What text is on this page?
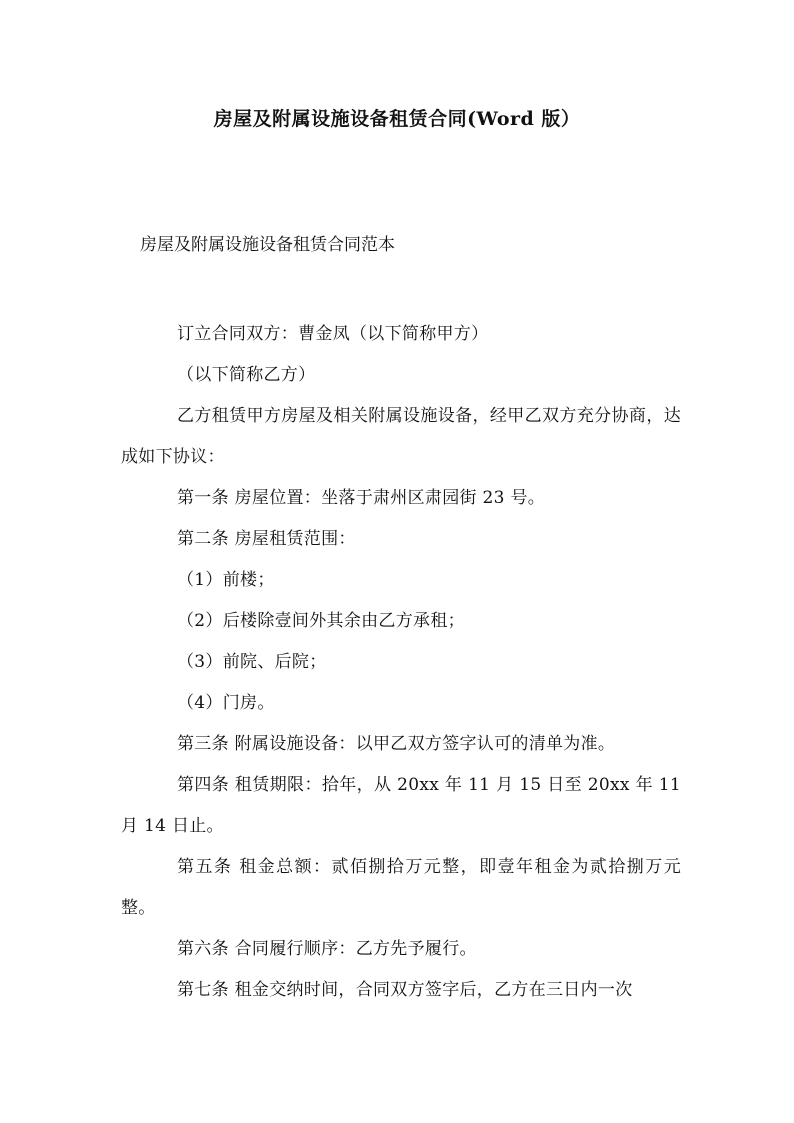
房屋及附属设施设备租赁合同(Word 版）
房屋及附属设施设备租赁合同范本

订立合同双方：曹金凤（以下简称甲方）

（以下简称乙方）

乙方租赁甲方房屋及相关附属设施设备，经甲乙双方充分协商，达成如下协议：

第一条 房屋位置：坐落于肃州区肃园街 23 号。

第二条 房屋租赁范围：

（1）前楼；

（2）后楼除壹间外其余由乙方承租；

（3）前院、后院；

（4）门房。

第三条 附属设施设备：以甲乙双方签字认可的清单为准。

第四条 租赁期限：拾年，从 20xx 年 11 月 15 日至 20xx 年 11 月 14 日止。

第五条 租金总额：贰佰捌拾万元整，即壹年租金为贰拾捌万元整。

第六条 合同履行顺序：乙方先予履行。

第七条 租金交纳时间，合同双方签字后，乙方在三日内一次
